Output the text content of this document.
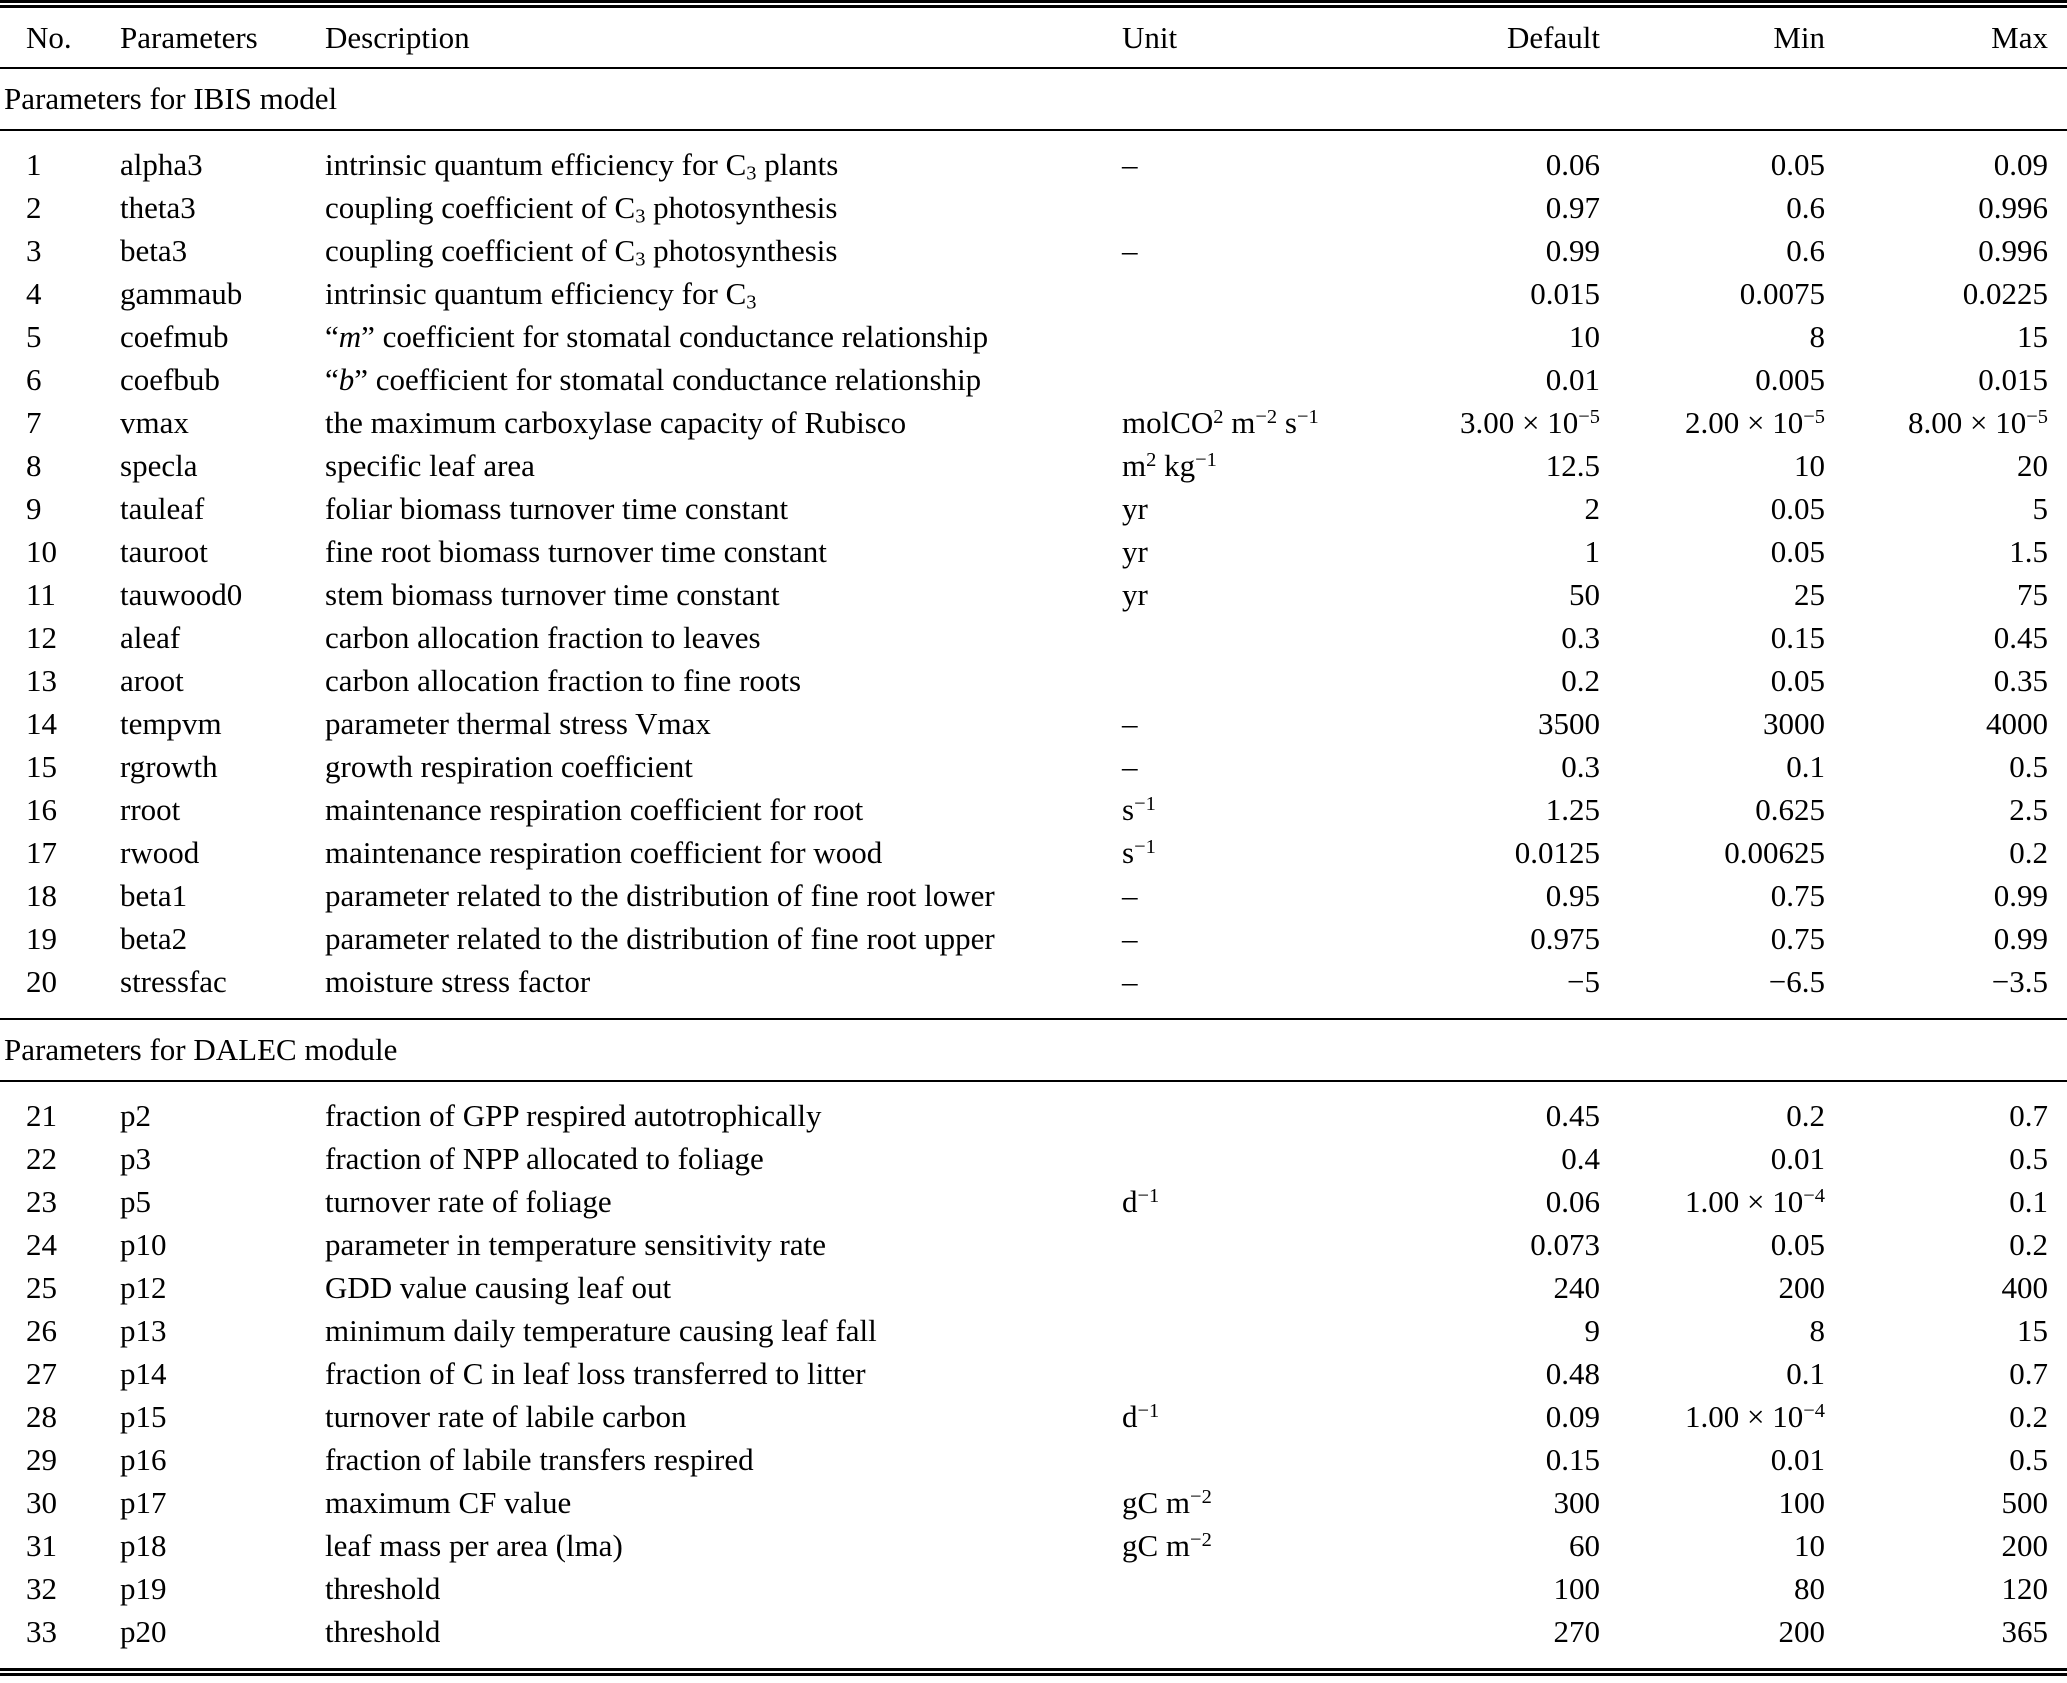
No.	Parameters	Description	Unit	Default	Min	Max
Parameters for IBIS model						
1	alpha3	intrinsic quantum efficiency for $C_3$ plants	–	0.06	0.05	0.09
2	theta3	coupling coefficient of $C_3$ photosynthesis		0.97	0.6	0.996
3	beta3	coupling coefficient of $C_3$ photosynthesis	–	0.99	0.6	0.996
4	gammaub	intrinsic quantum efficiency for $C_3$		0.015	0.0075	0.0225
5	coefmub	“m” coefficient for stomatal conductance relationship		10	8	15
6	coefbub	“b” coefficient for stomatal conductance relationship		0.01	0.005	0.015
7	vmax	the maximum carboxylase capacity of Rubisco	molCO$^2$ $m^{-2}$ $s^{-1}$	$3.00 \times 10^{-5}$	$2.00 \times 10^{-5}$	$8.00 \times 10^{-5}$
8	specla	specific leaf area	$m^2$ $kg^{-1}$	12.5	10	20
9	tauleaf	foliar biomass turnover time constant	yr	2	0.05	5
10	tauroot	fine root biomass turnover time constant	yr	1	0.05	1.5
11	tauwood0	stem biomass turnover time constant	yr	50	25	75
12	aleaf	carbon allocation fraction to leaves		0.3	0.15	0.45
13	aroot	carbon allocation fraction to fine roots		0.2	0.05	0.35
14	tempvm	parameter thermal stress Vmax	–	3500	3000	4000
15	rgrowth	growth respiration coefficient	–	0.3	0.1	0.5
16	rroot	maintenance respiration coefficient for root	$s^{-1}$	1.25	0.625	2.5
17	rwood	maintenance respiration coefficient for wood	$s^{-1}$	0.0125	0.00625	0.2
18	beta1	parameter related to the distribution of fine root lower	–	0.95	0.75	0.99
19	beta2	parameter related to the distribution of fine root upper	–	0.975	0.75	0.99
20	stressfac	moisture stress factor	–	−5	−6.5	−3.5
Parameters for DALEC module						
21	p2	fraction of GPP respired autotrophically		0.45	0.2	0.7
22	p3	fraction of NPP allocated to foliage		0.4	0.01	0.5
23	p5	turnover rate of foliage	$d^{-1}$	0.06	$1.00 \times 10^{-4}$	0.1
24	p10	parameter in temperature sensitivity rate		0.073	0.05	0.2
25	p12	GDD value causing leaf out		240	200	400
26	p13	minimum daily temperature causing leaf fall		9	8	15
27	p14	fraction of C in leaf loss transferred to litter		0.48	0.1	0.7
28	p15	turnover rate of labile carbon	$d^{-1}$	0.09	$1.00 \times 10^{-4}$	0.2
29	p16	fraction of labile transfers respired		0.15	0.01	0.5
30	p17	maximum CF value	gC $m^{-2}$	300	100	500
31	p18	leaf mass per area (lma)	gC $m^{-2}$	60	10	200
32	p19	threshold		100	80	120
33	p20	threshold		270	200	365
